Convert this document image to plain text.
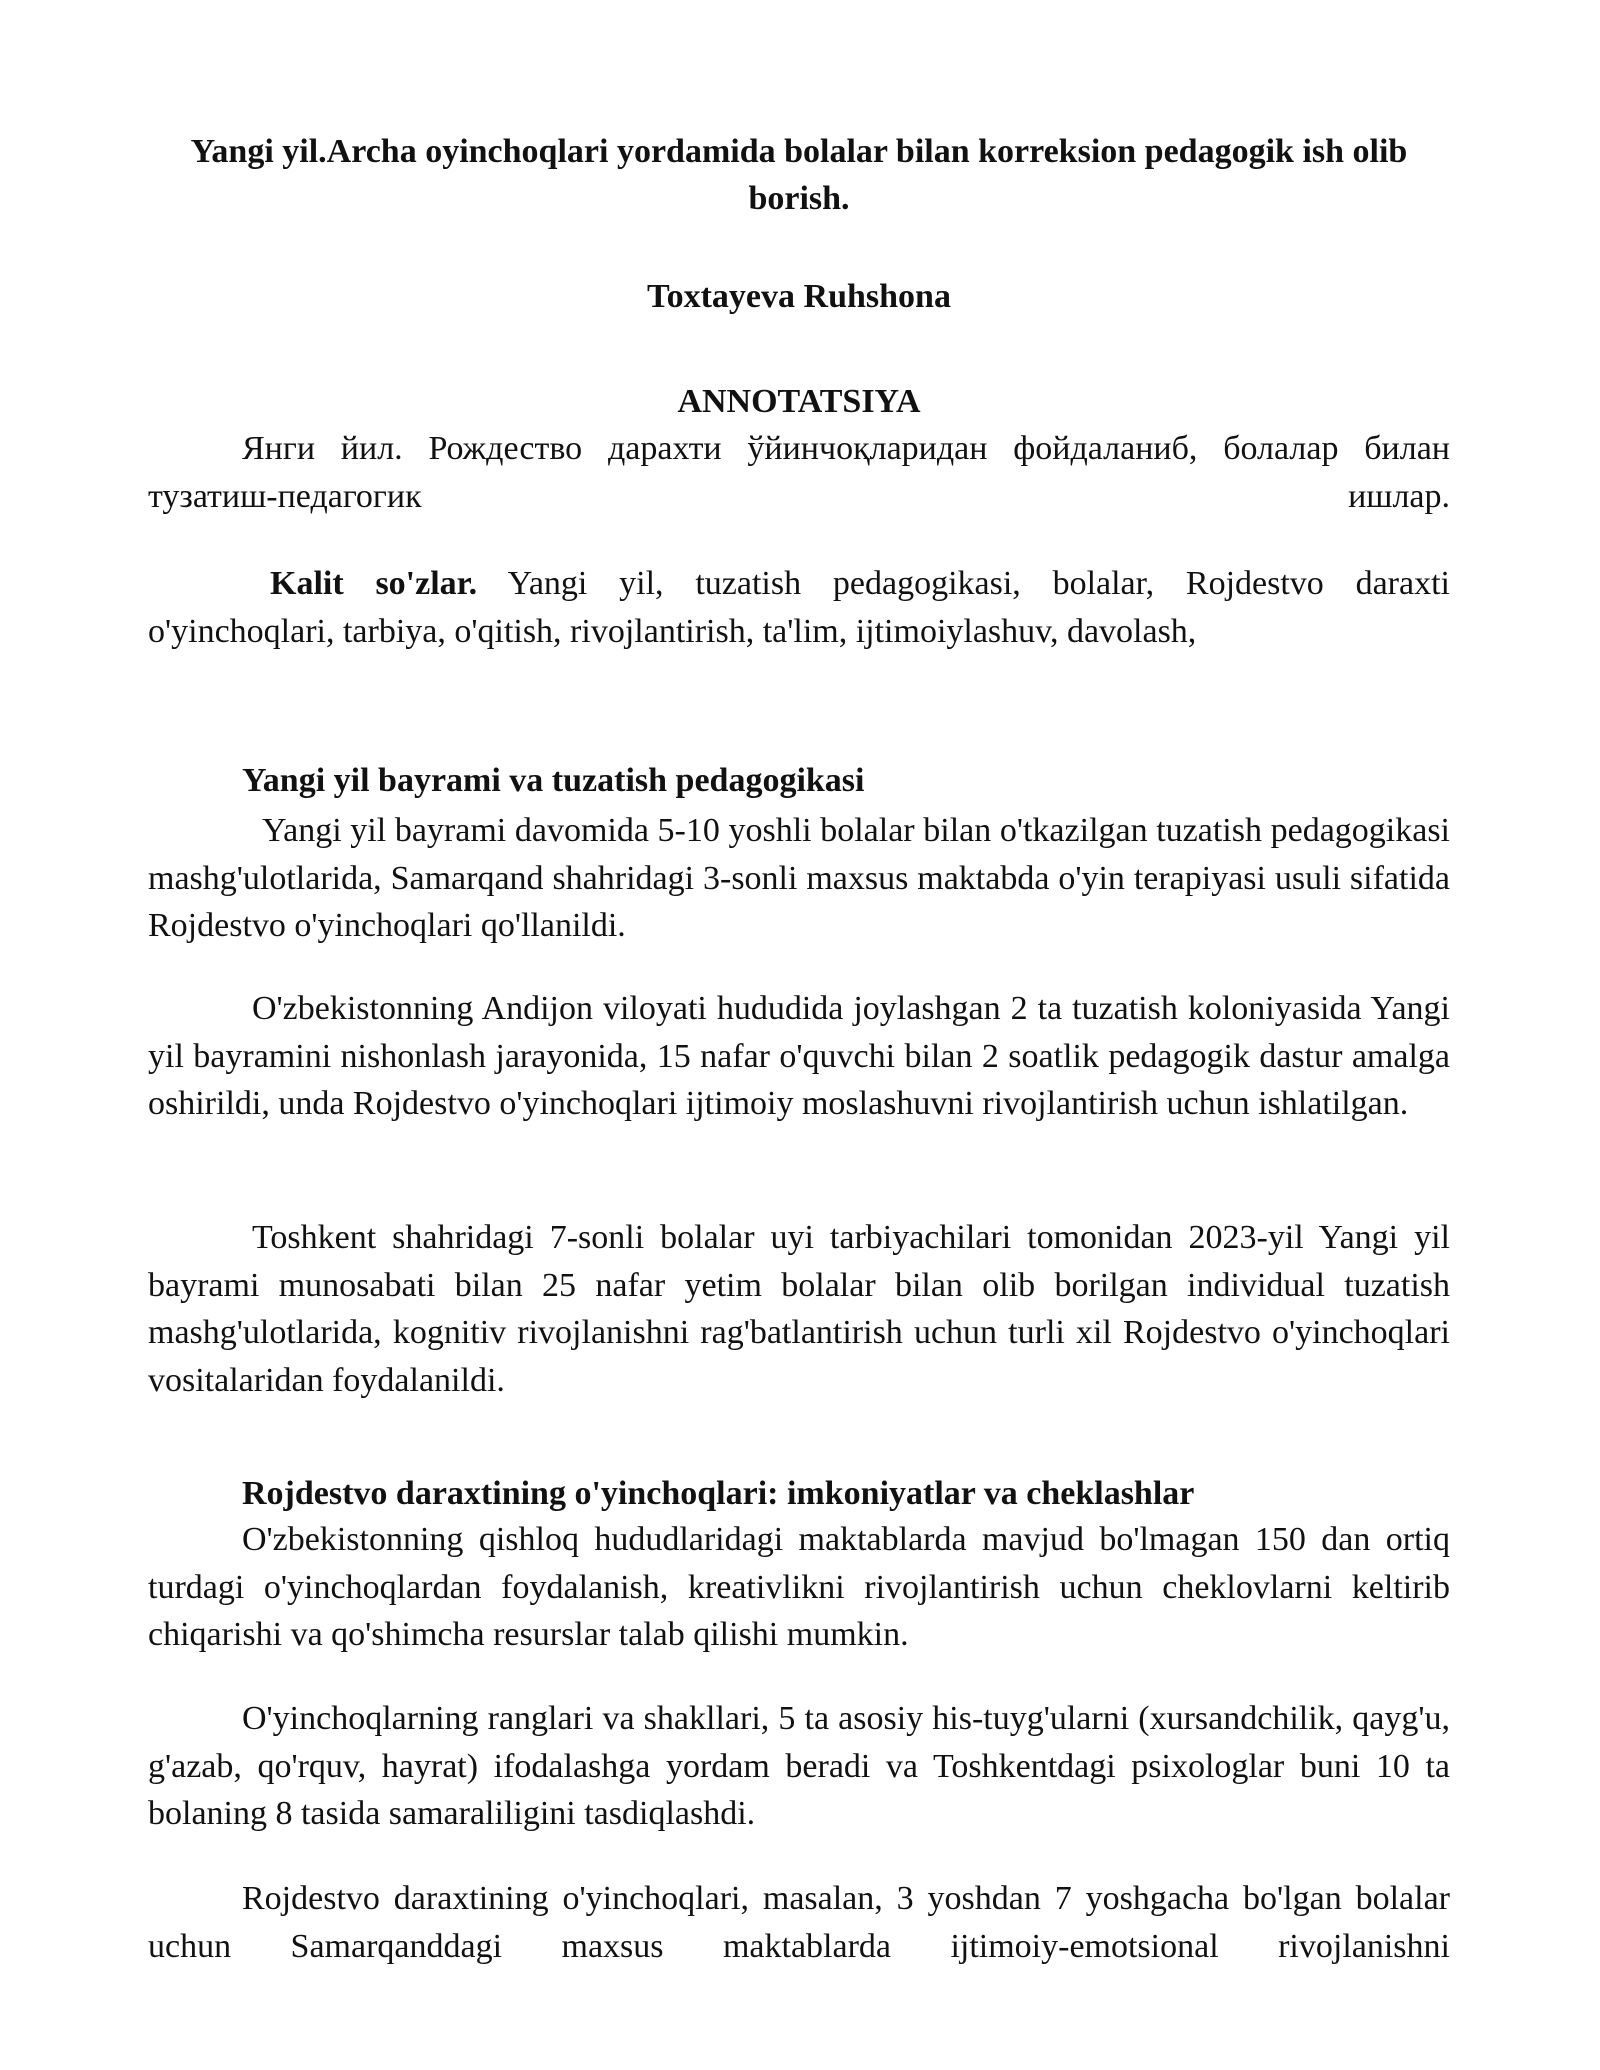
Yangi yil.Archa oyinchoqlari yordamida bolalar bilan korreksion pedagogik ish olib borish.

Toxtayeva Ruhshona

ANNOTATSIYA

Янги йил. Рождество дарахти ўйинчоқларидан фойдаланиб, болалар билан тузатиш-педагогик ишлар.

Kalit so'zlar. Yangi yil, tuzatish pedagogikasi, bolalar, Rojdestvo daraxti o'yinchoqlari, tarbiya, o'qitish, rivojlantirish, ta'lim, ijtimoiylashuv, davolash,

Yangi yil bayrami va tuzatish pedagogikasi

Yangi yil bayrami davomida 5-10 yoshli bolalar bilan o'tkazilgan tuzatish pedagogikasi mashg'ulotlarida, Samarqand shahridagi 3-sonli maxsus maktabda o'yin terapiyasi usuli sifatida Rojdestvo o'yinchoqlari qo'llanildi.

O'zbekistonning Andijon viloyati hududida joylashgan 2 ta tuzatish koloniyasida Yangi yil bayramini nishonlash jarayonida, 15 nafar o'quvchi bilan 2 soatlik pedagogik dastur amalga oshirildi, unda Rojdestvo o'yinchoqlari ijtimoiy moslashuvni rivojlantirish uchun ishlatilgan.

Toshkent shahridagi 7-sonli bolalar uyi tarbiyachilari tomonidan 2023-yil Yangi yil bayrami munosabati bilan 25 nafar yetim bolalar bilan olib borilgan individual tuzatish mashg'ulotlarida, kognitiv rivojlanishni rag'batlantirish uchun turli xil Rojdestvo o'yinchoqlari vositalaridan foydalanildi.

Rojdestvo daraxtining o'yinchoqlari: imkoniyatlar va cheklashlar

O'zbekistonning qishloq hududlaridagi maktablarda mavjud bo'lmagan 150 dan ortiq turdagi o'yinchoqlardan foydalanish, kreativlikni rivojlantirish uchun cheklovlarni keltirib chiqarishi va qo'shimcha resurslar talab qilishi mumkin.

O'yinchoqlarning ranglari va shakllari, 5 ta asosiy his-tuyg'ularni (xursandchilik, qayg'u, g'azab, qo'rquv, hayrat) ifodalashga yordam beradi va Toshkentdagi psixologlar buni 10 ta bolaning 8 tasida samaraliligini tasdiqlashdi.

Rojdestvo daraxtining o'yinchoqlari, masalan, 3 yoshdan 7 yoshgacha bo'lgan bolalar uchun Samarqanddagi maxsus maktablarda ijtimoiy-emotsional rivojlanishni
